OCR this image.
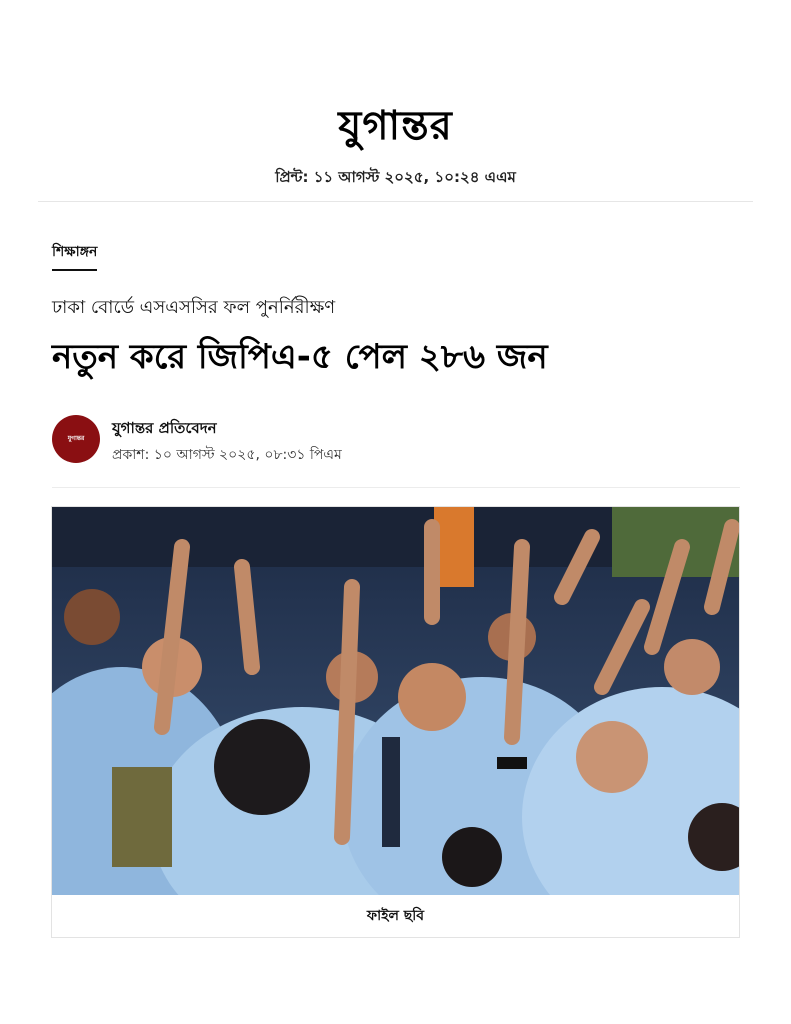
যুগান্তর
প্রিন্ট: ১১ আগস্ট ২০২৫, ১০:২৪ এএম
শিক্ষাঙ্গন
ঢাকা বোর্ডে এসএসসির ফল পুনর্নিরীক্ষণ
নতুন করে জিপিএ-৫ পেল ২৮৬ জন
যুগান্তর
যুগান্তর প্রতিবেদন
প্রকাশ: ১০ আগস্ট ২০২৫, ০৮:৩১ পিএম
ফাইল ছবি
